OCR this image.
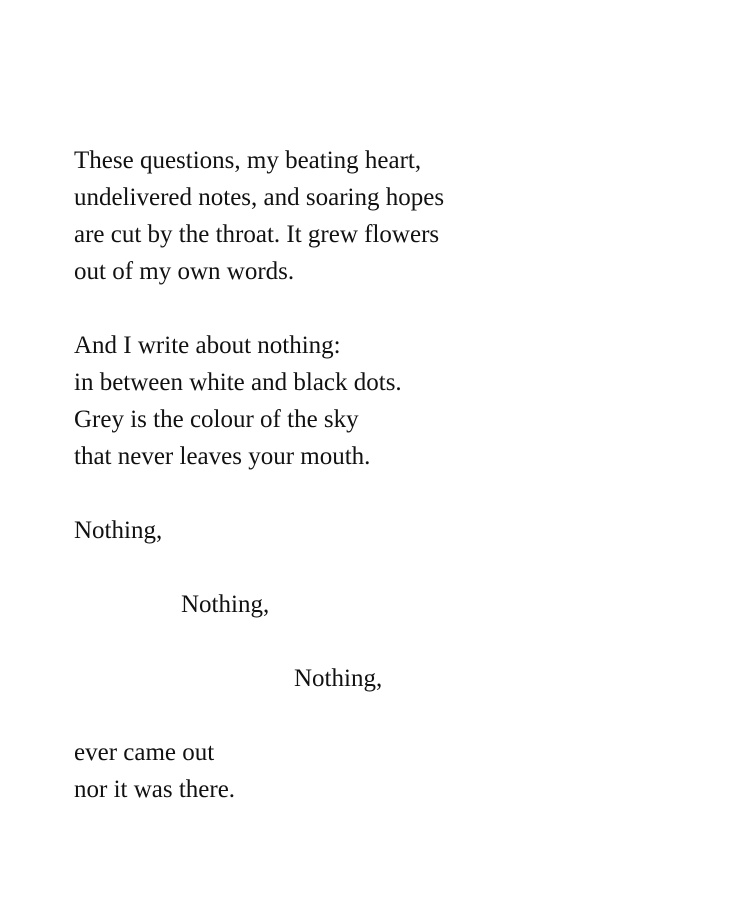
These questions, my beating heart,
undelivered notes, and soaring hopes
are cut by the throat. It grew flowers
out of my own words.
And I write about nothing:
in between white and black dots.
Grey is the colour of the sky
that never leaves your mouth.
Nothing,
Nothing,
Nothing,
ever came out
nor it was there.
